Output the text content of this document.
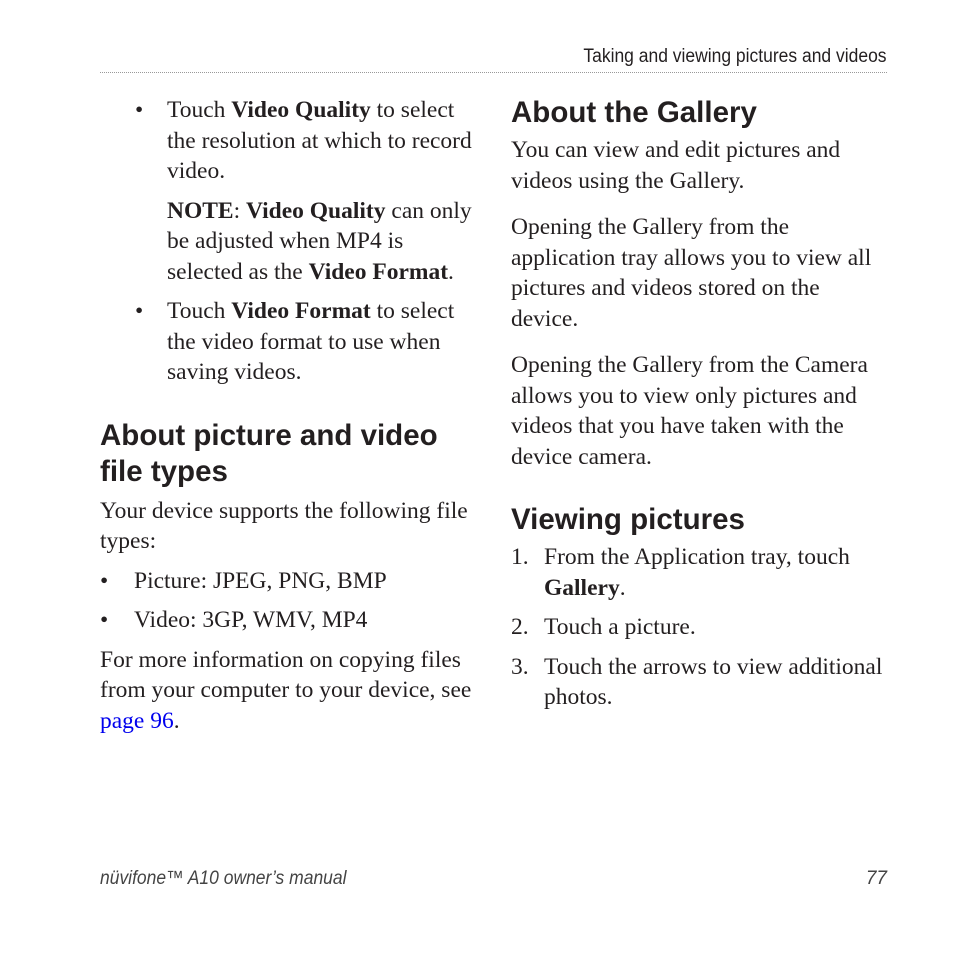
Taking and viewing pictures and videos
•	Touch Video Quality to select the resolution at which to record video.
NOTE: Video Quality can only be adjusted when MP4 is selected as the Video Format.
•	Touch Video Format to select the video format to use when saving videos.
About picture and video file types

Your device supports the following file types:

•	Picture: JPEG, PNG, BMP
•	Video: 3GP, WMV, MP4

For more information on copying files from your computer to your device, see page 96.

About the Gallery

You can view and edit pictures and videos using the Gallery.

Opening the Gallery from the application tray allows you to view all pictures and videos stored on the device.

Opening the Gallery from the Camera allows you to view only pictures and videos that you have taken with the device camera.

Viewing pictures
1. From the Application tray, touch Gallery.
2. Touch a picture.
3. Touch the arrows to view additional photos.
nüvifone™ A10 owner’s manual	77
